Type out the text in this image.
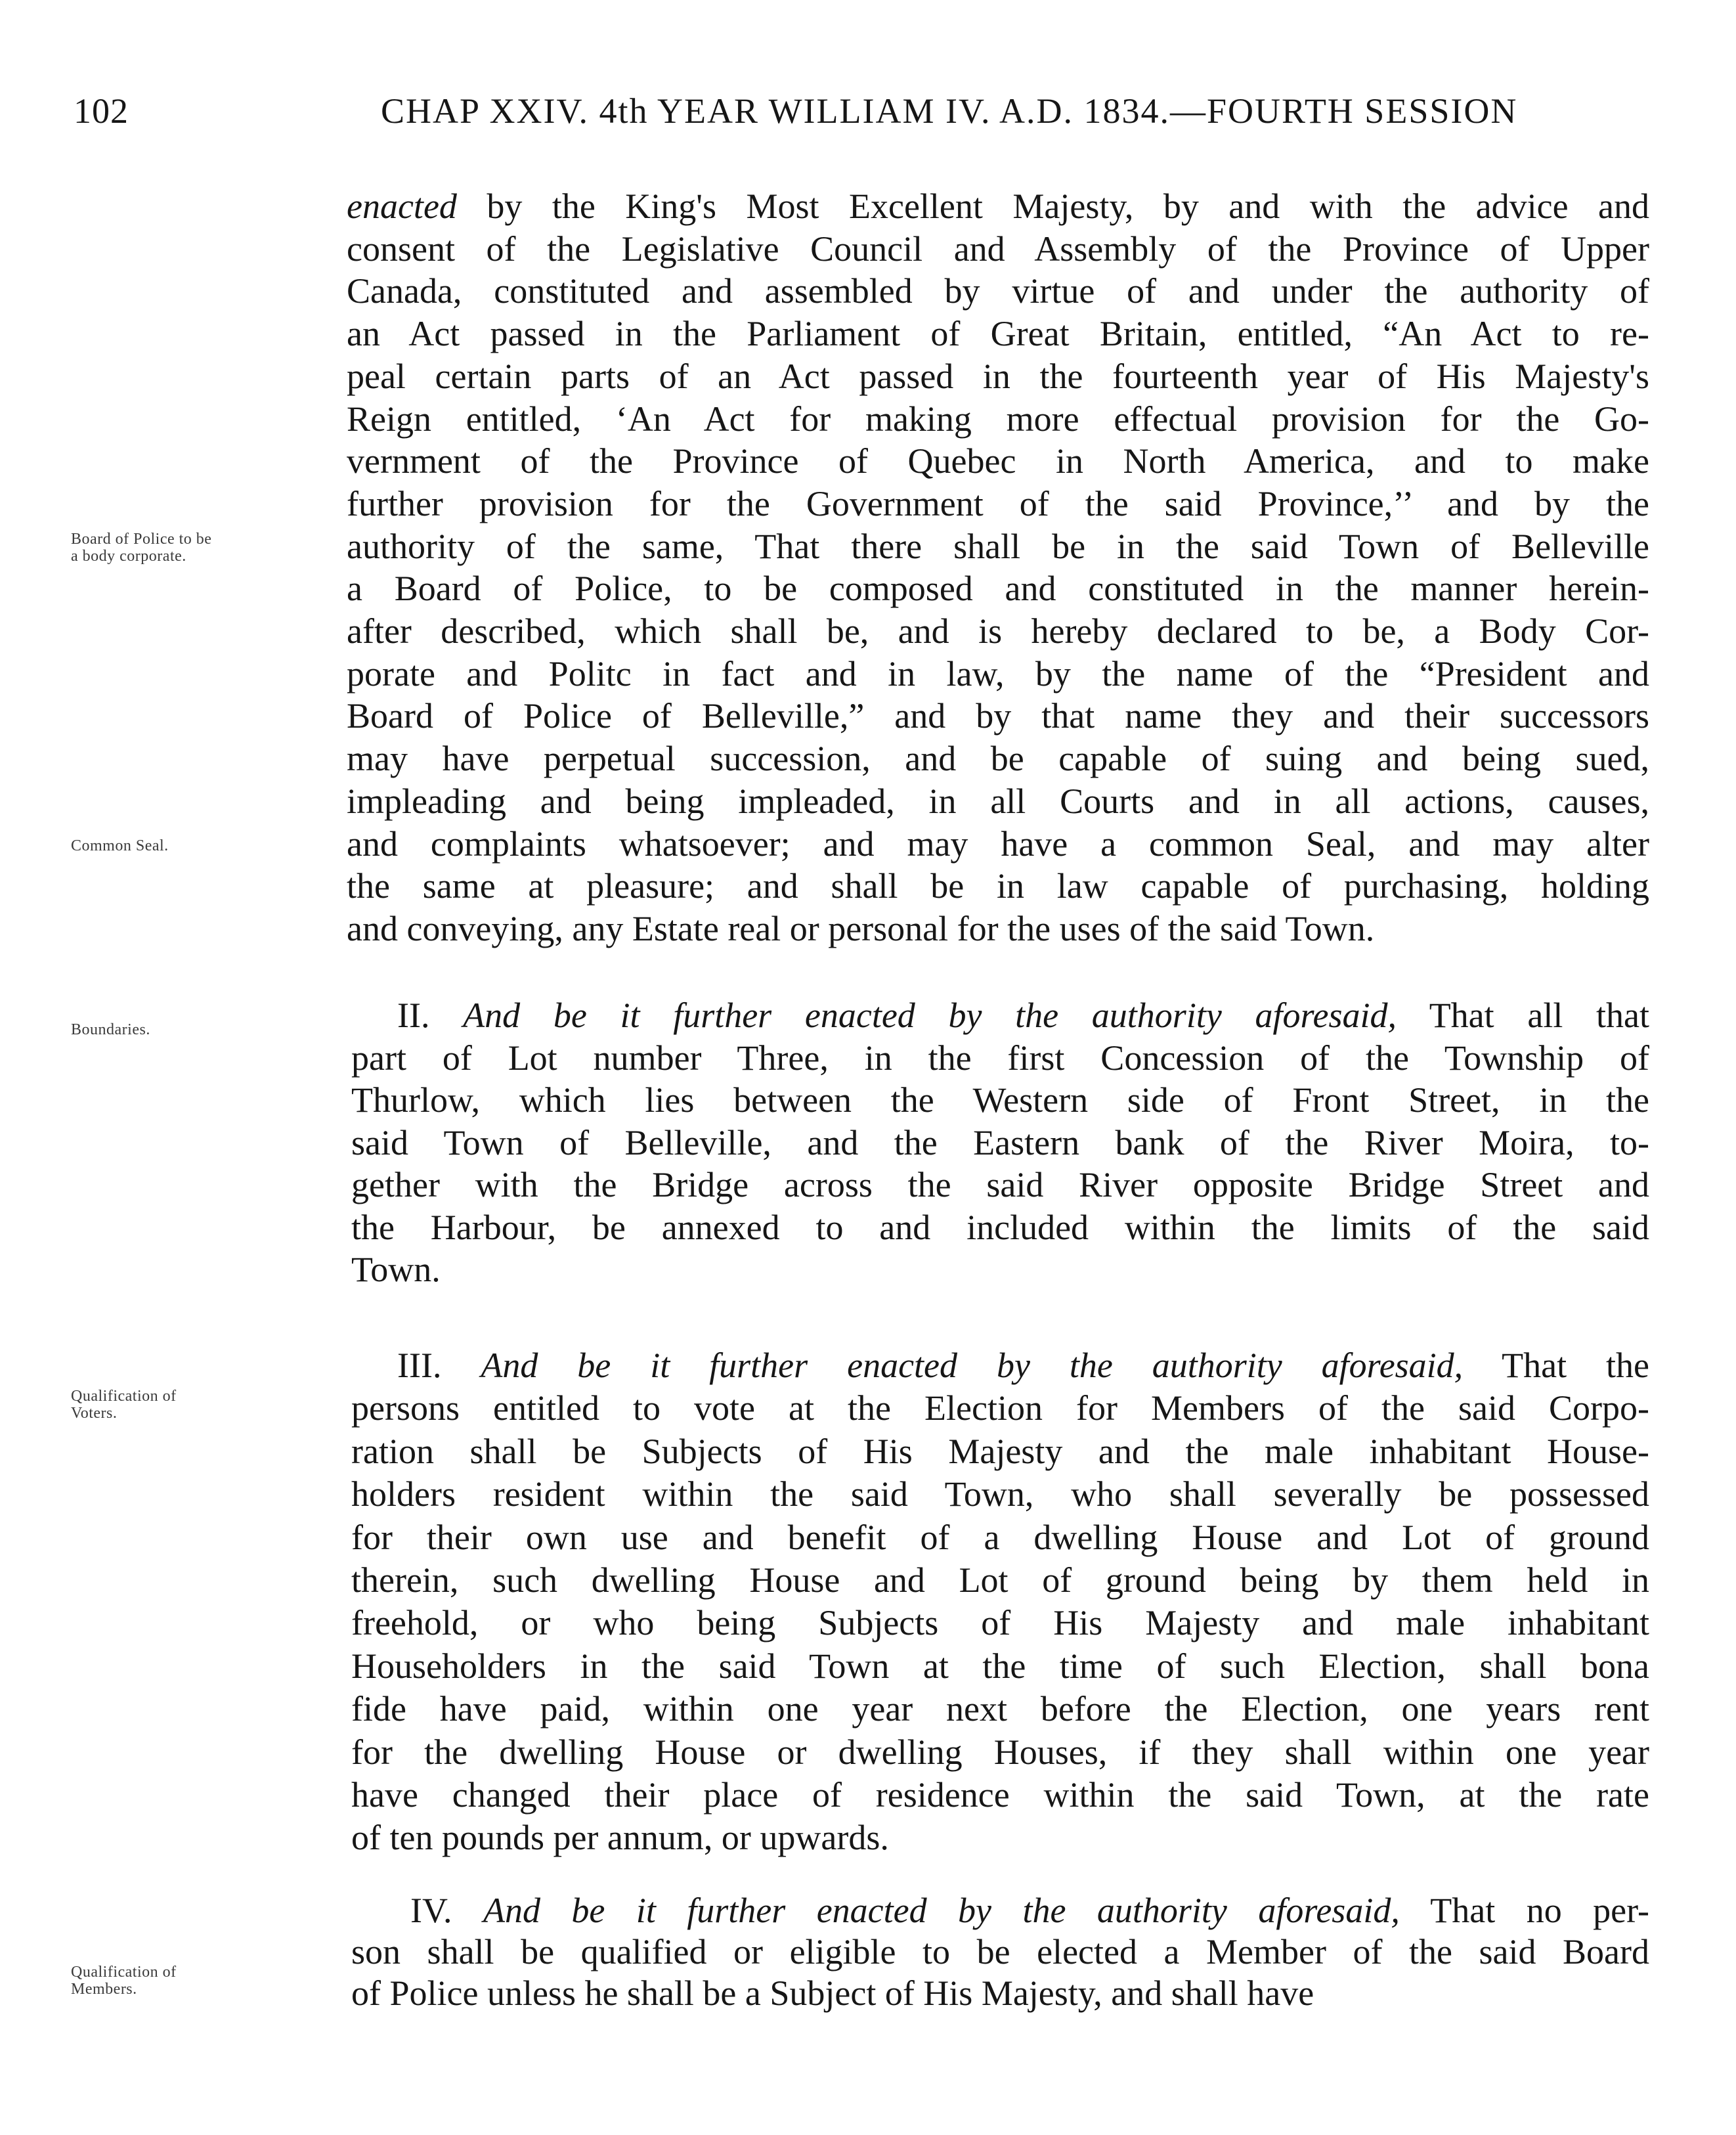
102	CHAP XXIV. 4th YEAR WILLIAM IV. A.D. 1834.—FOURTH SESSION
Board of Police to be
a body corporate.
Common Seal.
Boundaries.
Qualification of
Voters.
Qualification of
Members.
enacted by the King's Most Excellent Majesty, by and with the advice and
consent of the Legislative Council and Assembly of the Province of Upper
Canada, constituted and assembled by virtue of and under the authority of
an Act passed in the Parliament of Great Britain, entitled, “An Act to re-
peal certain parts of an Act passed in the fourteenth year of His Majesty's
Reign entitled, ‘An Act for making more effectual provision for the Go-
vernment of the Province of Quebec in North America, and to make
further provision for the Government of the said Province,’’ and by the
authority of the same, That there shall be in the said Town of Belleville
a Board of Police, to be composed and constituted in the manner herein-
after described, which shall be, and is hereby declared to be, a Body Cor-
porate and Politc in fact and in law, by the name of the “President and
Board of Police of Belleville,” and by that name they and their successors
may have perpetual succession, and be capable of suing and being sued,
impleading and being impleaded, in all Courts and in all actions, causes,
and complaints whatsoever; and may have a common Seal, and may alter
the same at pleasure; and shall be in law capable of purchasing, holding
and conveying, any Estate real or personal for the uses of the said Town.
II. And be it further enacted by the authority aforesaid, That all that
part of Lot number Three, in the first Concession of the Township of
Thurlow, which lies between the Western side of Front Street, in the
said Town of Belleville, and the Eastern bank of the River Moira, to-
gether with the Bridge across the said River opposite Bridge Street and
the Harbour, be annexed to and included within the limits of the said
Town.
III. And be it further enacted by the authority aforesaid, That the
persons entitled to vote at the Election for Members of the said Corpo-
ration shall be Subjects of His Majesty and the male inhabitant House-
holders resident within the said Town, who shall severally be possessed
for their own use and benefit of a dwelling House and Lot of ground
therein, such dwelling House and Lot of ground being by them held in
freehold, or who being Subjects of His Majesty and male inhabitant
Householders in the said Town at the time of such Election, shall bona
fide have paid, within one year next before the Election, one years rent
for the dwelling House or dwelling Houses, if they shall within one year
have changed their place of residence within the said Town, at the rate
of ten pounds per annum, or upwards.
IV. And be it further enacted by the authority aforesaid, That no per-
son shall be qualified or eligible to be elected a Member of the said Board
of Police unless he shall be a Subject of His Majesty, and shall have
